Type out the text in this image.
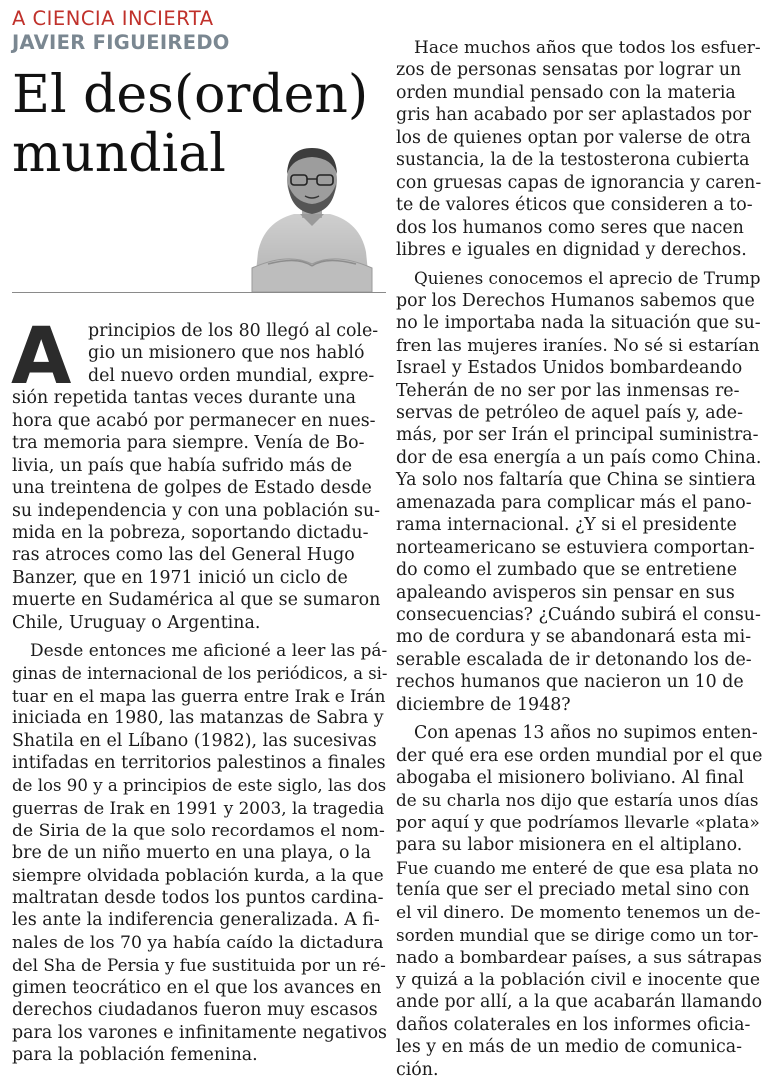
A CIENCIA INCIERTA
JAVIER FIGUEIREDO
El des(orden)
mundial
A principios de los 80 llegó al cole-
gio un misionero que nos habló
del nuevo orden mundial, expre-
sión repetida tantas veces durante una
hora que acabó por permanecer en nues-
tra memoria para siempre. Venía de Bo-
livia, un país que había sufrido más de
una treintena de golpes de Estado desde
su independencia y con una población su-
mida en la pobreza, soportando dictadu-
ras atroces como las del General Hugo
Banzer, que en 1971 inició un ciclo de
muerte en Sudamérica al que se sumaron
Chile, Uruguay o Argentina.
Desde entonces me aficioné a leer las pá-
ginas de internacional de los periódicos, a si-
tuar en el mapa las guerra entre Irak e Irán
iniciada en 1980, las matanzas de Sabra y
Shatila en el Líbano (1982), las sucesivas
intifadas en territorios palestinos a finales
de los 90 y a principios de este siglo, las dos
guerras de Irak en 1991 y 2003, la tragedia
de Siria de la que solo recordamos el nom-
bre de un niño muerto en una playa, o la
siempre olvidada población kurda, a la que
maltratan desde todos los puntos cardina-
les ante la indiferencia generalizada. A fi-
nales de los 70 ya había caído la dictadura
del Sha de Persia y fue sustituida por un ré-
gimen teocrático en el que los avances en
derechos ciudadanos fueron muy escasos
para los varones e infinitamente negativos
para la población femenina.
Hace muchos años que todos los esfuer-
zos de personas sensatas por lograr un
orden mundial pensado con la materia
gris han acabado por ser aplastados por
los de quienes optan por valerse de otra
sustancia, la de la testosterona cubierta
con gruesas capas de ignorancia y caren-
te de valores éticos que consideren a to-
dos los humanos como seres que nacen
libres e iguales en dignidad y derechos.
Quienes conocemos el aprecio de Trump
por los Derechos Humanos sabemos que
no le importaba nada la situación que su-
fren las mujeres iraníes. No sé si estarían
Israel y Estados Unidos bombardeando
Teherán de no ser por las inmensas re-
servas de petróleo de aquel país y, ade-
más, por ser Irán el principal suministra-
dor de esa energía a un país como China.
Ya solo nos faltaría que China se sintiera
amenazada para complicar más el pano-
rama internacional. ¿Y si el presidente
norteamericano se estuviera comportan-
do como el zumbado que se entretiene
apaleando avisperos sin pensar en sus
consecuencias? ¿Cuándo subirá el consu-
mo de cordura y se abandonará esta mi-
serable escalada de ir detonando los de-
rechos humanos que nacieron un 10 de
diciembre de 1948?
Con apenas 13 años no supimos enten-
der qué era ese orden mundial por el que
abogaba el misionero boliviano. Al final
de su charla nos dijo que estaría unos días
por aquí y que podríamos llevarle «plata»
para su labor misionera en el altiplano.
Fue cuando me enteré de que esa plata no
tenía que ser el preciado metal sino con
el vil dinero. De momento tenemos un de-
sorden mundial que se dirige como un tor-
nado a bombardear países, a sus sátrapas
y quizá a la población civil e inocente que
ande por allí, a la que acabarán llamando
daños colaterales en los informes oficia-
les y en más de un medio de comunica-
ción.
